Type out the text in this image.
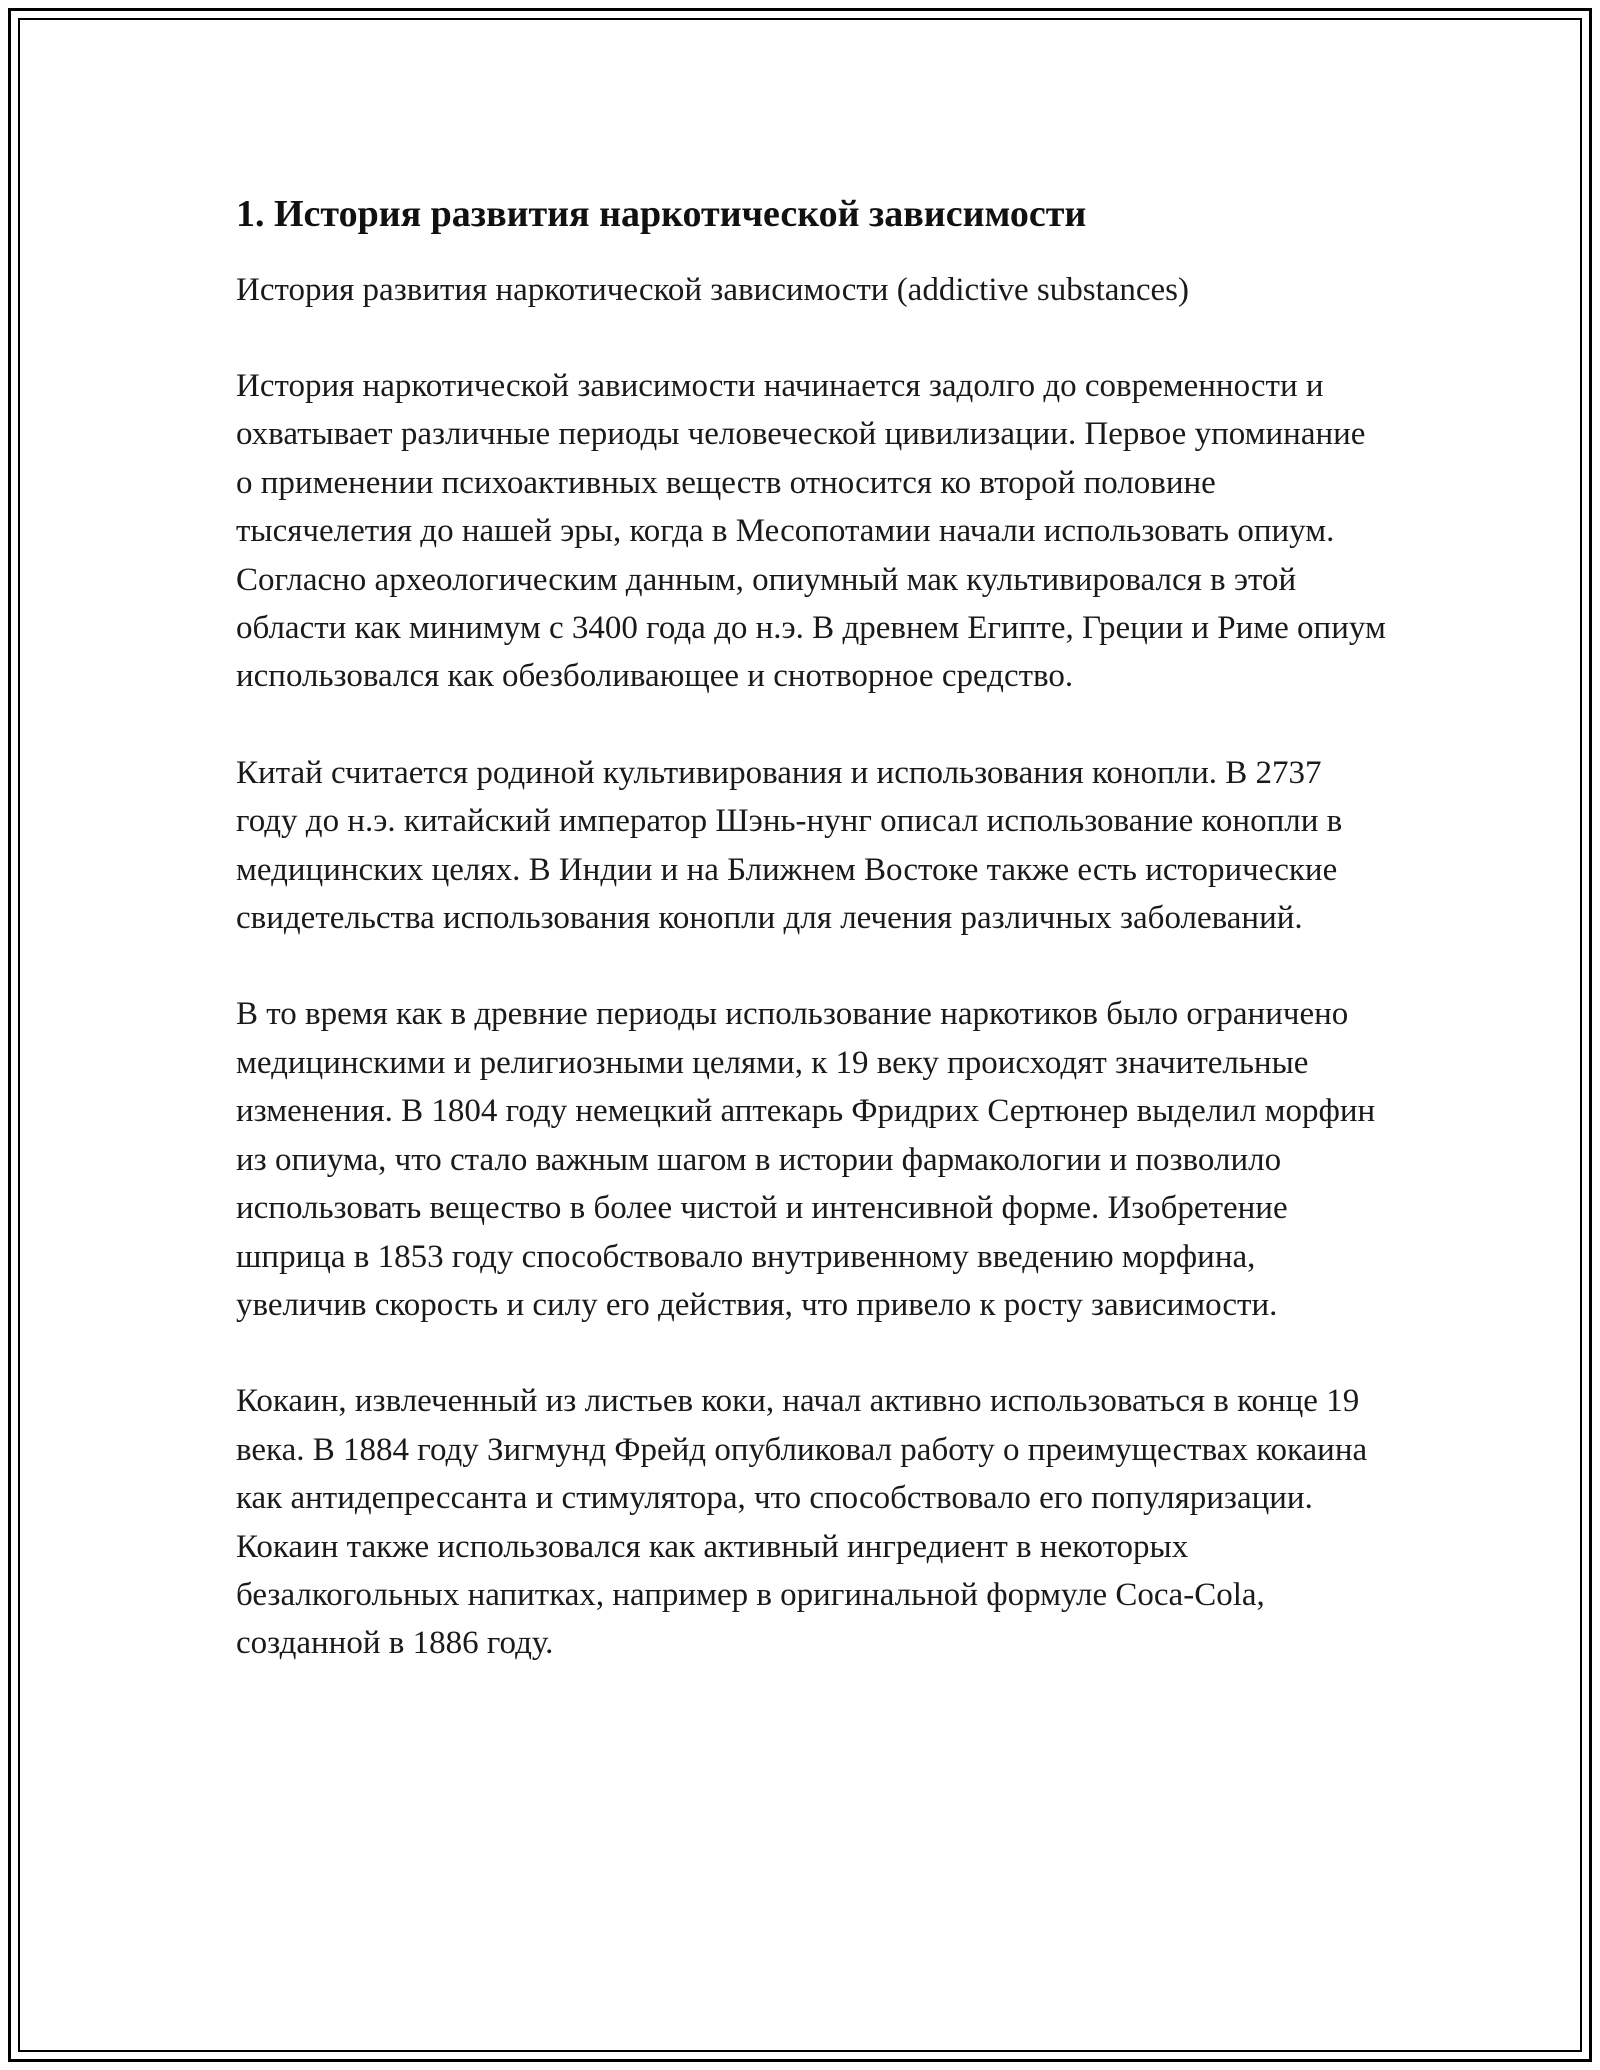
1. История развития наркотической зависимости

История развития наркотической зависимости (addictive substances)

История наркотической зависимости начинается задолго до современности и охватывает различные периоды человеческой цивилизации. Первое упоминание о применении психоактивных веществ относится ко второй половине тысячелетия до нашей эры, когда в Месопотамии начали использовать опиум. Согласно археологическим данным, опиумный мак культивировался в этой области как минимум с 3400 года до н.э. В древнем Египте, Греции и Риме опиум использовался как обезболивающее и снотворное средство.

Китай считается родиной культивирования и использования конопли. В 2737 году до н.э. китайский император Шэнь-нунг описал использование конопли в медицинских целях. В Индии и на Ближнем Востоке также есть исторические свидетельства использования конопли для лечения различных заболеваний.

В то время как в древние периоды использование наркотиков было ограничено медицинскими и религиозными целями, к 19 веку происходят значительные изменения. В 1804 году немецкий аптекарь Фридрих Сертюнер выделил морфин из опиума, что стало важным шагом в истории фармакологии и позволило использовать вещество в более чистой и интенсивной форме. Изобретение шприца в 1853 году способствовало внутривенному введению морфина, увеличив скорость и силу его действия, что привело к росту зависимости.

Кокаин, извлеченный из листьев коки, начал активно использоваться в конце 19 века. В 1884 году Зигмунд Фрейд опубликовал работу о преимуществах кокаина как антидепрессанта и стимулятора, что способствовало его популяризации. Кокаин также использовался как активный ингредиент в некоторых безалкогольных напитках, например в оригинальной формуле Coca-Cola, созданной в 1886 году.
